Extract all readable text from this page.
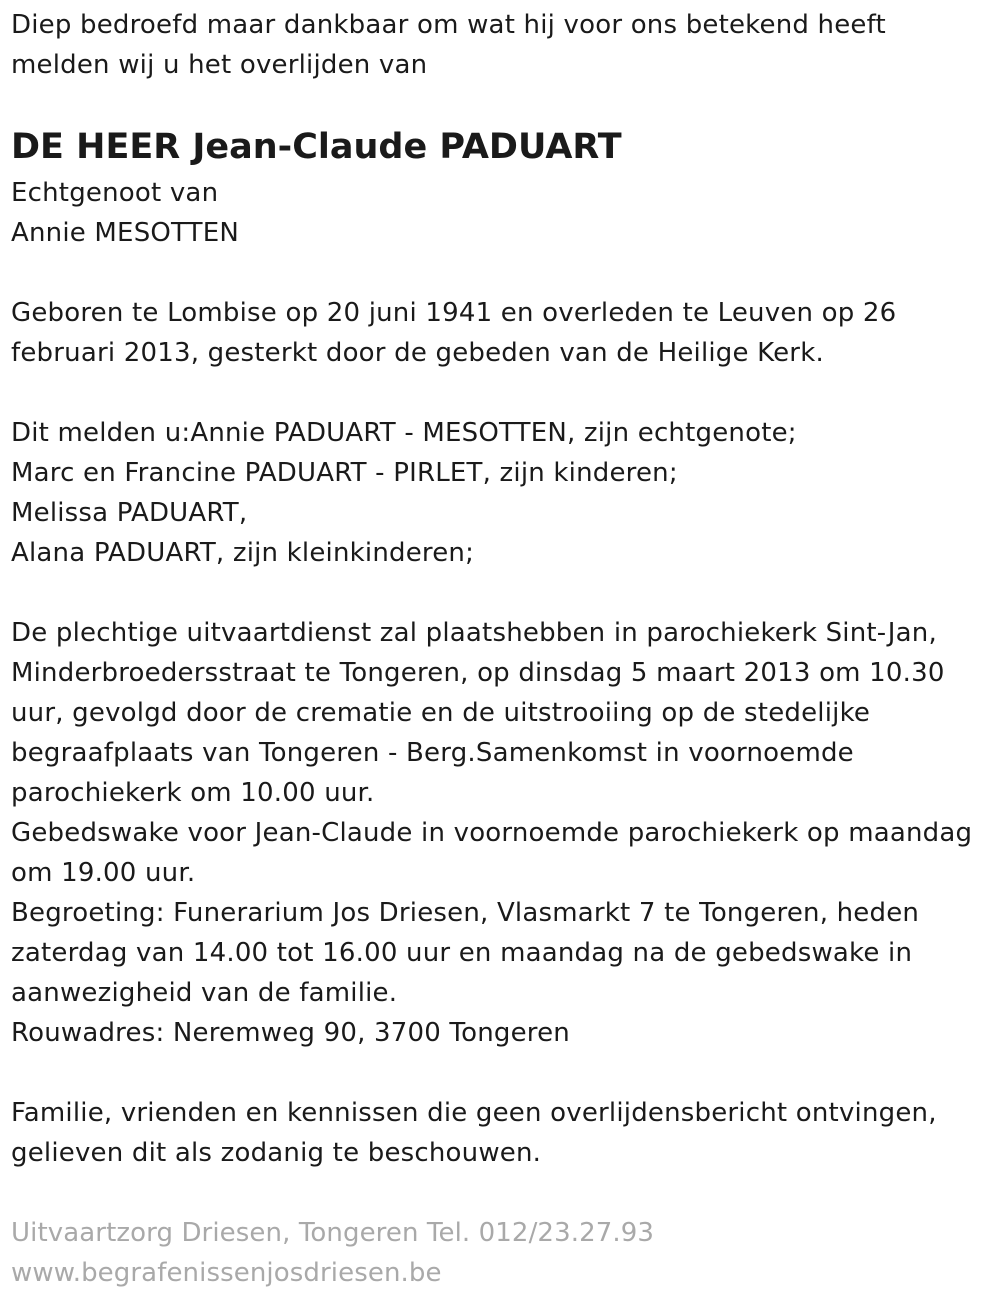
Diep bedroefd maar dankbaar om wat hij voor ons betekend heeft
melden wij u het overlijden van
DE HEER Jean-Claude PADUART
Echtgenoot van
Annie MESOTTEN
Geboren te Lombise op 20 juni 1941 en overleden te Leuven op 26
februari 2013, gesterkt door de gebeden van de Heilige Kerk.
Dit melden u:Annie PADUART - MESOTTEN, zijn echtgenote;
Marc en Francine PADUART - PIRLET, zijn kinderen;
Melissa PADUART,
Alana PADUART, zijn kleinkinderen;
De plechtige uitvaartdienst zal plaatshebben in parochiekerk Sint-Jan,
Minderbroedersstraat te Tongeren, op dinsdag 5 maart 2013 om 10.30
uur, gevolgd door de crematie en de uitstrooiing op de stedelijke
begraafplaats van Tongeren - Berg.Samenkomst in voornoemde
parochiekerk om 10.00 uur.
Gebedswake voor Jean-Claude in voornoemde parochiekerk op maandag
om 19.00 uur.
Begroeting: Funerarium Jos Driesen, Vlasmarkt 7 te Tongeren, heden
zaterdag van 14.00 tot 16.00 uur en maandag na de gebedswake in
aanwezigheid van de familie.
Rouwadres: Neremweg 90, 3700 Tongeren
Familie, vrienden en kennissen die geen overlijdensbericht ontvingen,
gelieven dit als zodanig te beschouwen.
Uitvaartzorg Driesen, Tongeren Tel. 012/23.27.93
www.begrafenissenjosdriesen.be
